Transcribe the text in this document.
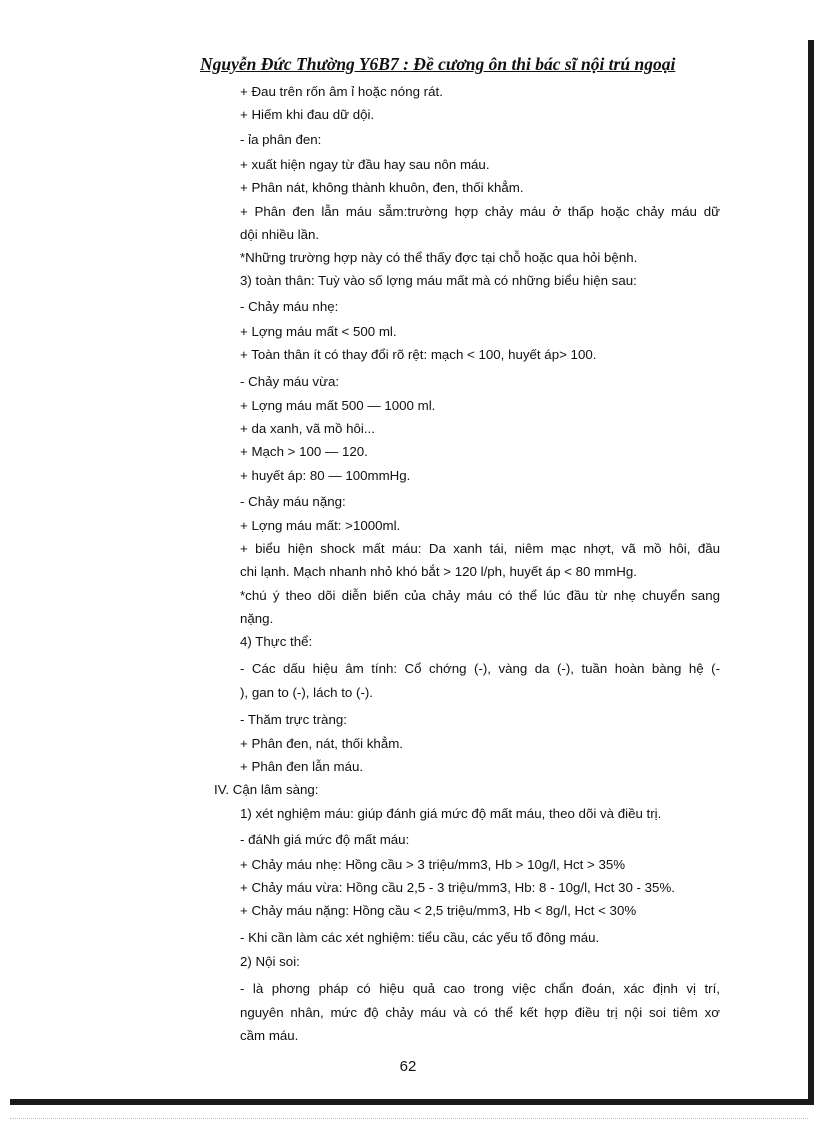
Nguyễn Đức Thường Y6B7 : Đề cương ôn thi bác sĩ nội trú ngoại
+ Đau trên rốn âm ỉ hoặc nóng rát.
+ Hiếm khi đau dữ dội.
- ỉa phân đen:
+ xuất hiện ngay từ đầu hay sau nôn máu.
+ Phân nát, không thành khuôn, đen, thối khẳm.
+ Phân đen lẫn máu sẫm:trường hợp chảy máu ở thấp hoặc chảy máu dữ
dội nhiều lần.
*Những trường hợp này có thể thấy đợc tại chỗ hoặc qua hỏi bệnh.
3) toàn thân: Tuỳ vào số lợng máu mất mà có những biểu hiện sau:
- Chảy máu nhẹ:
+ Lợng máu mất < 500 ml.
+ Toàn thân ít có thay đổi rõ rệt: mạch < 100, huyết áp> 100.
- Chảy máu vừa:
+ Lợng máu mất 500 — 1000 ml.
+ da xanh, vã mồ hôi...
+ Mạch > 100 — 120.
+ huyết áp: 80 — 100mmHg.
- Chảy máu nặng:
+ Lợng máu mất: >1000ml.
+ biểu hiện shock mất máu: Da xanh tái, niêm mạc nhợt, vã mồ hôi, đầu
chi lạnh. Mạch nhanh nhỏ khó bắt > 120 l/ph, huyết áp < 80 mmHg.
*chú ý theo dõi diễn biến của chảy máu có thể lúc đầu từ nhẹ chuyển sang
nặng.
4) Thực thể:
- Các dấu hiệu âm tính: Cổ chớng (-), vàng da (-), tuần hoàn bàng hệ (-
), gan to (-), lách to (-).
- Thăm trực tràng:
+ Phân đen, nát, thối khẳm.
+ Phân đen lẫn máu.
IV. Cận lâm sàng:
1) xét nghiệm máu: giúp đánh giá mức độ mất máu, theo dõi và điều trị.
- đáNh giá mức độ mất máu:
+ Chảy máu nhẹ: Hồng cầu > 3 triệu/mm3, Hb > 10g/l, Hct > 35%
+ Chảy máu vừa: Hồng cầu 2,5 - 3 triệu/mm3, Hb: 8 - 10g/l, Hct 30 - 35%.
+ Chảy máu nặng: Hồng cầu < 2,5 triệu/mm3, Hb < 8g/l, Hct < 30%
- Khi cần làm các xét nghiệm: tiểu cầu, các yếu tố đông máu.
2) Nội soi:
- là phơng pháp có hiệu quả cao trong việc chẩn đoán, xác định vị trí,
nguyên nhân, mức độ chảy máu và có thể kết hợp điều trị nội soi tiêm xơ
cầm máu.
62
